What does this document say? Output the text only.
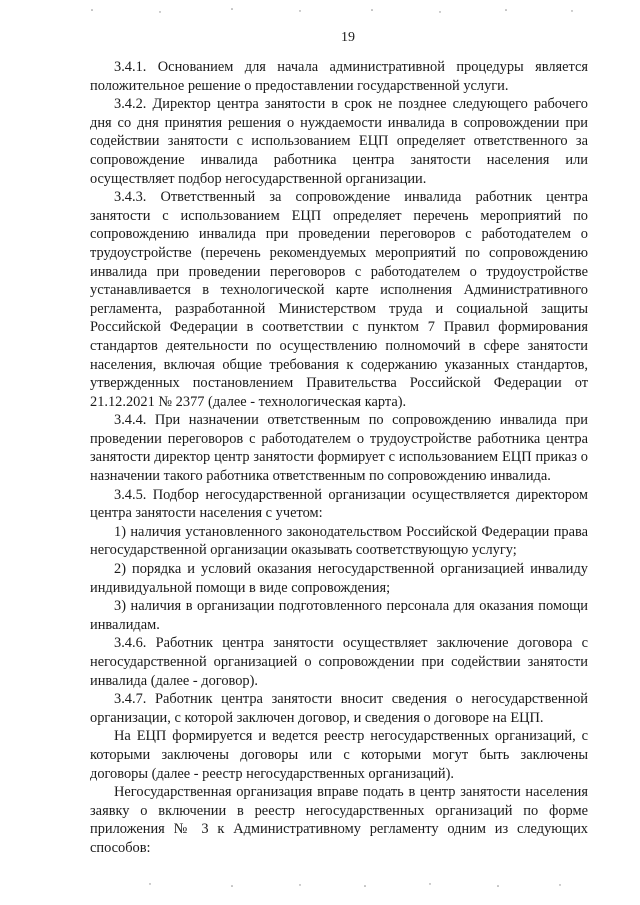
19

3.4.1. Основанием для начала административной процедуры является положительное решение о предоставлении государственной услуги.

3.4.2. Директор центра занятости в срок не позднее следующего рабочего дня со дня принятия решения о нуждаемости инвалида в сопровождении при содействии занятости с использованием ЕЦП определяет ответственного за сопровождение инвалида работника центра занятости населения или осуществляет подбор негосударственной организации.

3.4.3. Ответственный за сопровождение инвалида работник центра занятости с использованием ЕЦП определяет перечень мероприятий по сопровождению инвалида при проведении переговоров с работодателем о трудоустройстве (перечень рекомендуемых мероприятий по сопровождению инвалида при проведении переговоров с работодателем о трудоустройстве устанавливается в технологической карте исполнения Административного регламента, разработанной Министерством труда и социальной защиты Российской Федерации в соответствии с пунктом 7 Правил формирования стандартов деятельности по осуществлению полномочий в сфере занятости населения, включая общие требования к содержанию указанных стандартов, утвержденных постановлением Правительства Российской Федерации от 21.12.2021 № 2377 (далее - технологическая карта).

3.4.4. При назначении ответственным по сопровождению инвалида при проведении переговоров с работодателем о трудоустройстве работника центра занятости директор центр занятости формирует с использованием ЕЦП приказ о назначении такого работника ответственным по сопровождению инвалида.

3.4.5. Подбор негосударственной организации осуществляется директором центра занятости населения с учетом:

1) наличия установленного законодательством Российской Федерации права негосударственной организации оказывать соответствующую услугу;

2) порядка и условий оказания негосударственной организацией инвалиду индивидуальной помощи в виде сопровождения;

3) наличия в организации подготовленного персонала для оказания помощи инвалидам.

3.4.6. Работник центра занятости осуществляет заключение договора с негосударственной организацией о сопровождении при содействии занятости инвалида (далее - договор).

3.4.7. Работник центра занятости вносит сведения о негосударственной организации, с которой заключен договор, и сведения о договоре на ЕЦП.

На ЕЦП формируется и ведется реестр негосударственных организаций, с которыми заключены договоры или с которыми могут быть заключены договоры (далее - реестр негосударственных организаций).

Негосударственная организация вправе подать в центр занятости населения заявку о включении в реестр негосударственных организаций по форме приложения № 3 к Административному регламенту одним из следующих способов:
